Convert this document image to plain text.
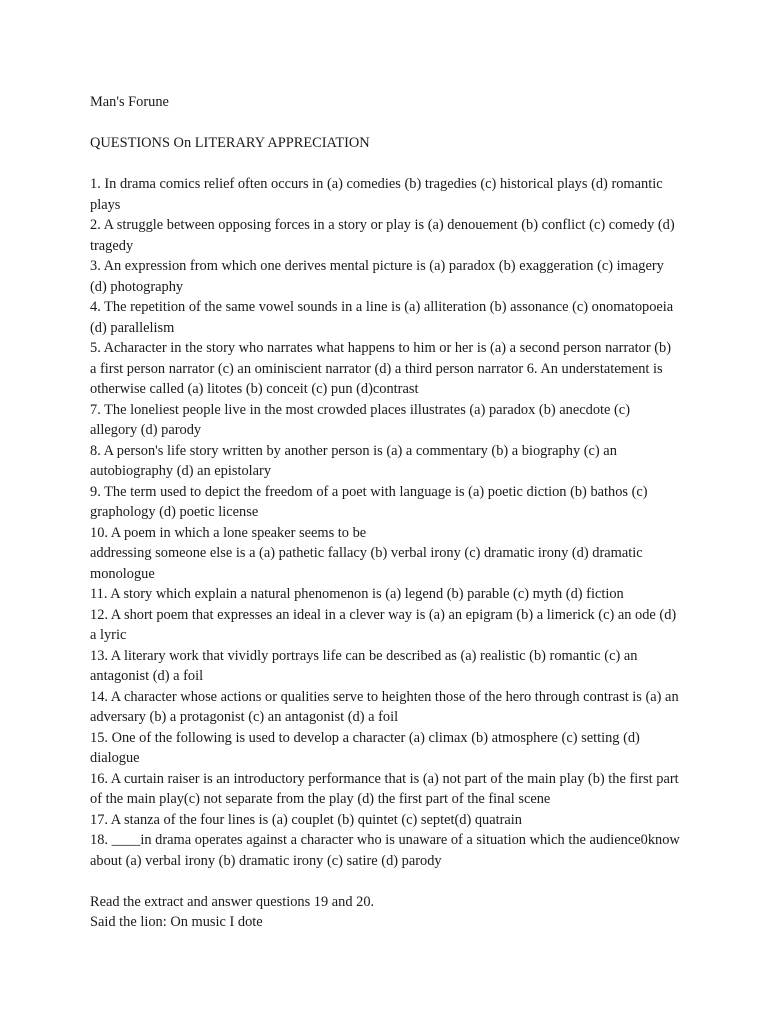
Man's Forune

QUESTIONS On LITERARY APPRECIATION

1. In drama comics relief often occurs in (a) comedies (b) tragedies (c) historical plays (d) romantic plays

2. A struggle between opposing forces in a story or play is (a) denouement (b) conflict (c) comedy (d) tragedy

3. An expression from which one derives mental picture is (a) paradox (b) exaggeration (c) imagery (d) photography

4. The repetition of the same vowel sounds in a line is (a) alliteration (b) assonance (c) onomatopoeia (d) parallelism

5. Acharacter in the story who narrates what happens to him or her is (a) a second person narrator (b) a first person narrator (c) an ominiscient narrator (d) a third person narrator 6. An understatement is otherwise called (a) litotes (b) conceit (c) pun (d)contrast

7. The loneliest people live in the most crowded places illustrates (a) paradox (b) anecdote (c) allegory (d) parody

8. A person's life story written by another person is (a) a commentary (b) a biography (c) an autobiography (d) an epistolary

9. The term used to depict the freedom of a poet with language is (a) poetic diction (b) bathos (c) graphology (d) poetic license

10. A poem in which a lone speaker seems to be

addressing someone else is a (a) pathetic fallacy (b) verbal irony (c) dramatic irony (d) dramatic monologue

11. A story which explain a natural phenomenon is (a) legend (b) parable (c) myth (d) fiction

12. A short poem that expresses an ideal in a clever way is (a) an epigram (b) a limerick (c) an ode (d) a lyric

13. A literary work that vividly portrays life can be described as (a) realistic (b) romantic (c) an antagonist (d) a foil

14. A character whose actions or qualities serve to heighten those of the hero through contrast is (a) an adversary (b) a protagonist (c) an antagonist (d) a foil

15. One of the following is used to develop a character (a) climax (b) atmosphere (c) setting (d) dialogue

16. A curtain raiser is an introductory performance that is (a) not part of the main play (b) the first part of the main play(c) not separate from the play (d) the first part of the final scene

17. A stanza of the four lines is (a) couplet (b) quintet (c) septet(d) quatrain

18. ____in drama operates against a character who is unaware of a situation which the audience0know about (a) verbal irony (b) dramatic irony (c) satire (d) parody

Read the extract and answer questions 19 and 20.

Said the lion: On music I dote
